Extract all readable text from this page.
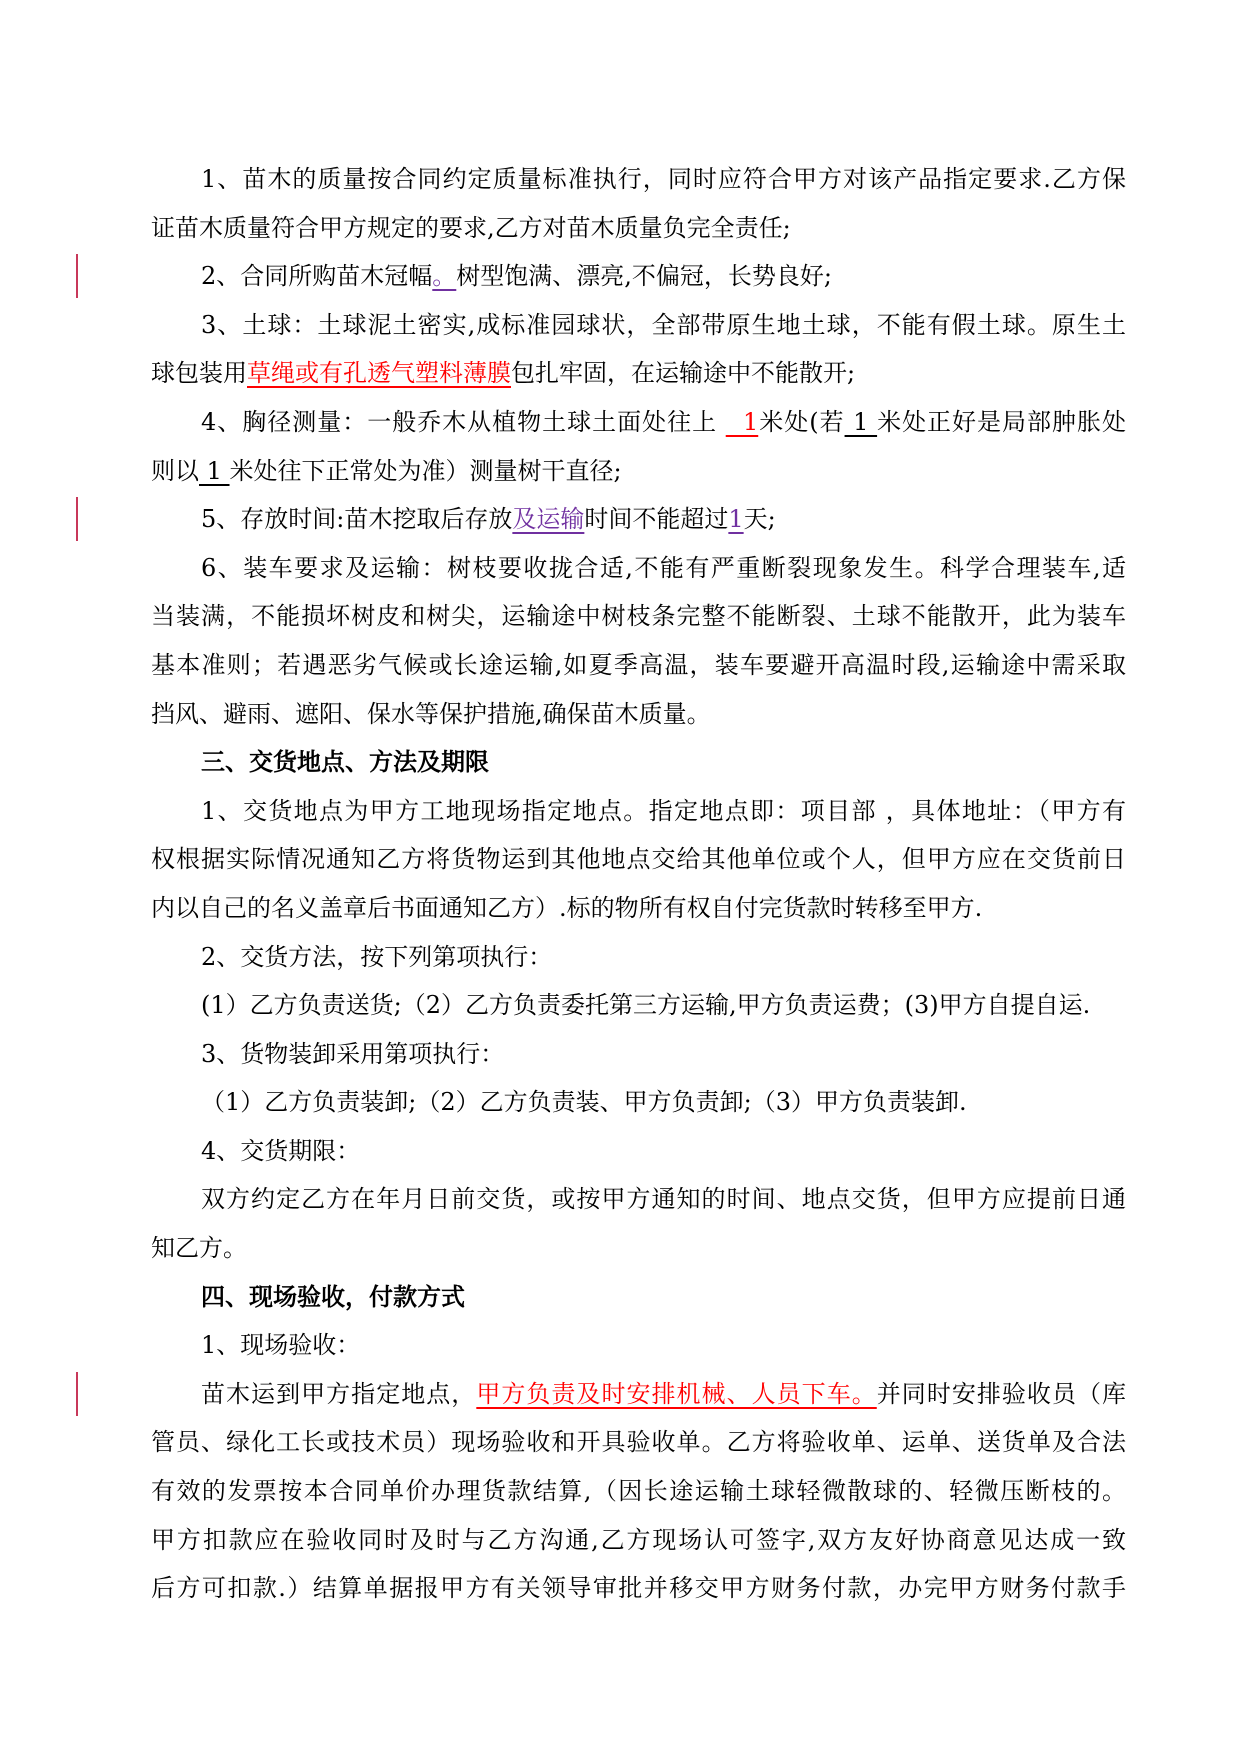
1、苗木的质量按合同约定质量标准执行，同时应符合甲方对该产品指定要求.乙方保
证苗木质量符合甲方规定的要求,乙方对苗木质量负完全责任;
2、合同所购苗木冠幅。树型饱满、漂亮,不偏冠，长势良好;
3、土球：土球泥土密实,成标准园球状，全部带原生地土球，不能有假土球。原生土
球包装用草绳或有孔透气塑料薄膜包扎牢固，在运输途中不能散开;
4、胸径测量：一般乔木从植物土球土面处往上   1米处(若 1 米处正好是局部肿胀处
则以 1 米处往下正常处为准）测量树干直径;
5、存放时间:苗木挖取后存放及运输时间不能超过1天;
6、装车要求及运输：树枝要收拢合适,不能有严重断裂现象发生。科学合理装车,适
当装满，不能损坏树皮和树尖，运输途中树枝条完整不能断裂、土球不能散开，此为装车
基本准则；若遇恶劣气候或长途运输,如夏季高温，装车要避开高温时段,运输途中需采取
挡风、避雨、遮阳、保水等保护措施,确保苗木质量。
三、交货地点、方法及期限
1、交货地点为甲方工地现场指定地点。指定地点即：项目部 ，具体地址：（甲方有
权根据实际情况通知乙方将货物运到其他地点交给其他单位或个人，但甲方应在交货前日
内以自己的名义盖章后书面通知乙方）.标的物所有权自付完货款时转移至甲方.
2、交货方法，按下列第项执行：
(1）乙方负责送货;（2）乙方负责委托第三方运输,甲方负责运费；(3)甲方自提自运.
3、货物装卸采用第项执行：
（1）乙方负责装卸;（2）乙方负责装、甲方负责卸;（3）甲方负责装卸.
4、交货期限：
双方约定乙方在年月日前交货，或按甲方通知的时间、地点交货，但甲方应提前日通
知乙方。
四、现场验收，付款方式
1、现场验收：
苗木运到甲方指定地点，甲方负责及时安排机械、人员下车。并同时安排验收员（库
管员、绿化工长或技术员）现场验收和开具验收单。乙方将验收单、运单、送货单及合法
有效的发票按本合同单价办理货款结算,（因长途运输土球轻微散球的、轻微压断枝的。
甲方扣款应在验收同时及时与乙方沟通,乙方现场认可签字,双方友好协商意见达成一致
后方可扣款.）结算单据报甲方有关领导审批并移交甲方财务付款，办完甲方财务付款手
